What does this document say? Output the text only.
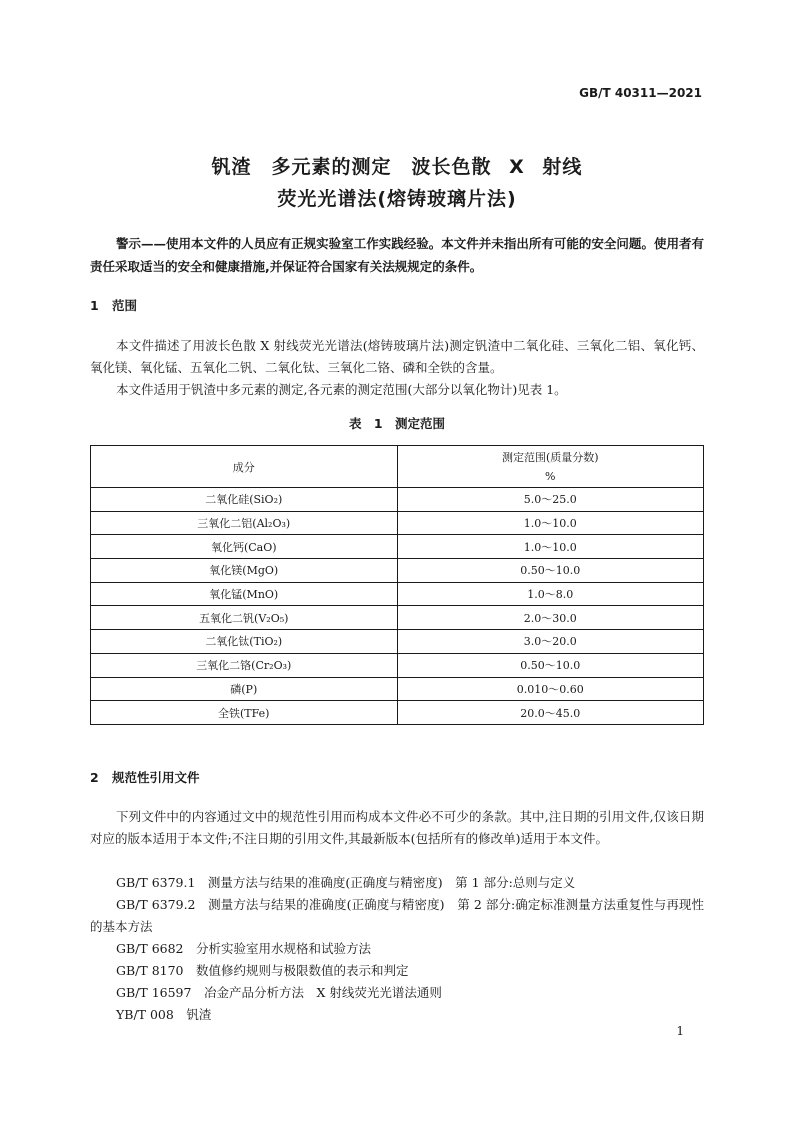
GB/T 40311—2021
钒渣　多元素的测定　波长色散 X 射线
荧光光谱法(熔铸玻璃片法)
警示——使用本文件的人员应有正规实验室工作实践经验。本文件并未指出所有可能的安全问题。使用者有责任采取适当的安全和健康措施,并保证符合国家有关法规规定的条件。
1 范围
本文件描述了用波长色散 X 射线荧光光谱法(熔铸玻璃片法)测定钒渣中二氧化硅、三氧化二铝、氧化钙、氧化镁、氧化锰、五氧化二钒、二氧化钛、三氧化二铬、磷和全铁的含量。
本文件适用于钒渣中多元素的测定,各元素的测定范围(大部分以氧化物计)见表 1。
表 1　测定范围
成分	测定范围(质量分数)
%

二氧化硅(SiO₂)	5.0～25.0
三氧化二铝(Al₂O₃)	1.0～10.0
氧化钙(CaO)	1.0～10.0
氧化镁(MgO)	0.50～10.0
氧化锰(MnO)	1.0～8.0
五氧化二钒(V₂O₅)	2.0～30.0
二氧化钛(TiO₂)	3.0～20.0
三氧化二铬(Cr₂O₃)	0.50～10.0
磷(P)	0.010～0.60
全铁(TFe)	20.0～45.0
2 规范性引用文件
下列文件中的内容通过文中的规范性引用而构成本文件必不可少的条款。其中,注日期的引用文件,仅该日期对应的版本适用于本文件;不注日期的引用文件,其最新版本(包括所有的修改单)适用于本文件。
GB/T 6379.1　测量方法与结果的准确度(正确度与精密度)　第 1 部分:总则与定义
GB/T 6379.2　测量方法与结果的准确度(正确度与精密度)　第 2 部分:确定标准测量方法重复性与再现性的基本方法
GB/T 6682　分析实验室用水规格和试验方法
GB/T 8170　数值修约规则与极限数值的表示和判定
GB/T 16597　冶金产品分析方法　X 射线荧光光谱法通则
YB/T 008　钒渣
1
